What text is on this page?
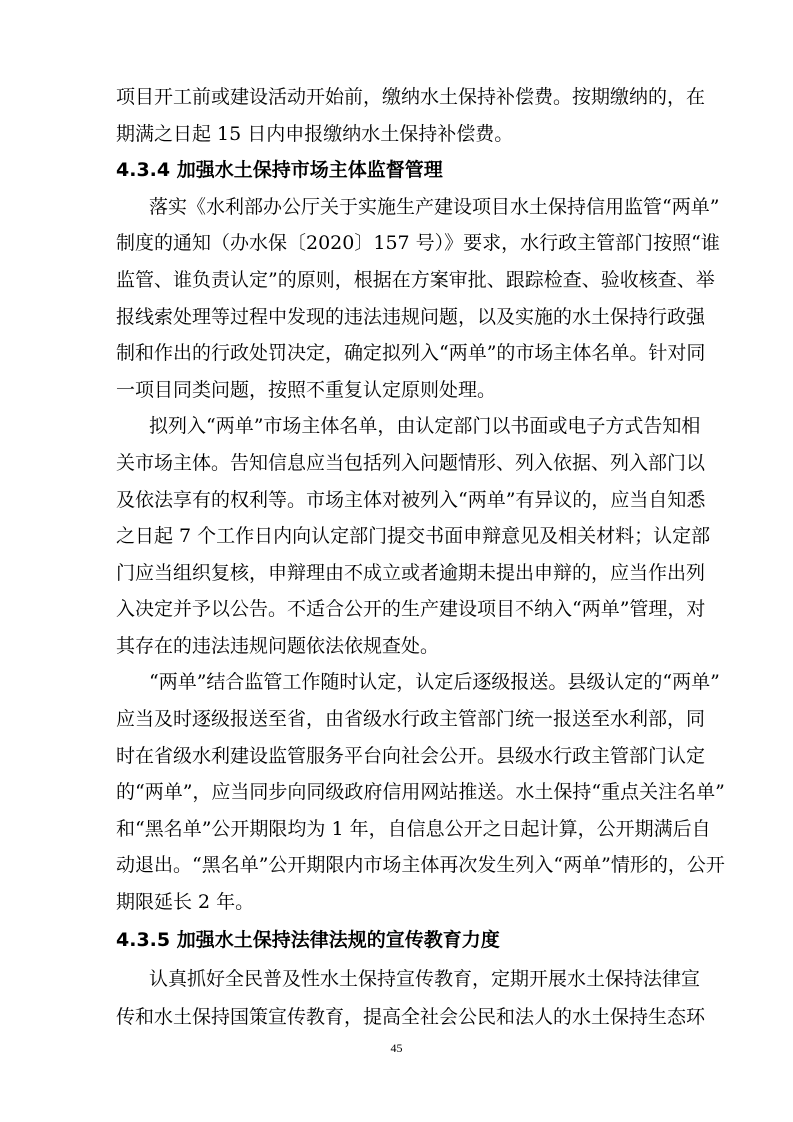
项目开工前或建设活动开始前，缴纳水土保持补偿费。按期缴纳的，在
期满之日起 15 日内申报缴纳水土保持补偿费。
4.3.4 加强水土保持市场主体监督管理
落实《水利部办公厅关于实施生产建设项目水土保持信用监管“两单”
制度的通知（办水保〔2020〕157 号）》要求，水行政主管部门按照“谁
监管、谁负责认定”的原则，根据在方案审批、跟踪检查、验收核查、举
报线索处理等过程中发现的违法违规问题，以及实施的水土保持行政强
制和作出的行政处罚决定，确定拟列入“两单”的市场主体名单。针对同
一项目同类问题，按照不重复认定原则处理。
拟列入“两单”市场主体名单，由认定部门以书面或电子方式告知相
关市场主体。告知信息应当包括列入问题情形、列入依据、列入部门以
及依法享有的权利等。市场主体对被列入“两单”有异议的，应当自知悉
之日起 7 个工作日内向认定部门提交书面申辩意见及相关材料；认定部
门应当组织复核，申辩理由不成立或者逾期未提出申辩的，应当作出列
入决定并予以公告。不适合公开的生产建设项目不纳入“两单”管理，对
其存在的违法违规问题依法依规查处。
“两单”结合监管工作随时认定，认定后逐级报送。县级认定的“两单”
应当及时逐级报送至省，由省级水行政主管部门统一报送至水利部，同
时在省级水利建设监管服务平台向社会公开。县级水行政主管部门认定
的“两单”，应当同步向同级政府信用网站推送。水土保持“重点关注名单”
和“黑名单”公开期限均为 1 年，自信息公开之日起计算，公开期满后自
动退出。“黑名单”公开期限内市场主体再次发生列入“两单”情形的，公开
期限延长 2 年。
4.3.5 加强水土保持法律法规的宣传教育力度
认真抓好全民普及性水土保持宣传教育，定期开展水土保持法律宣
传和水土保持国策宣传教育，提高全社会公民和法人的水土保持生态环
45
